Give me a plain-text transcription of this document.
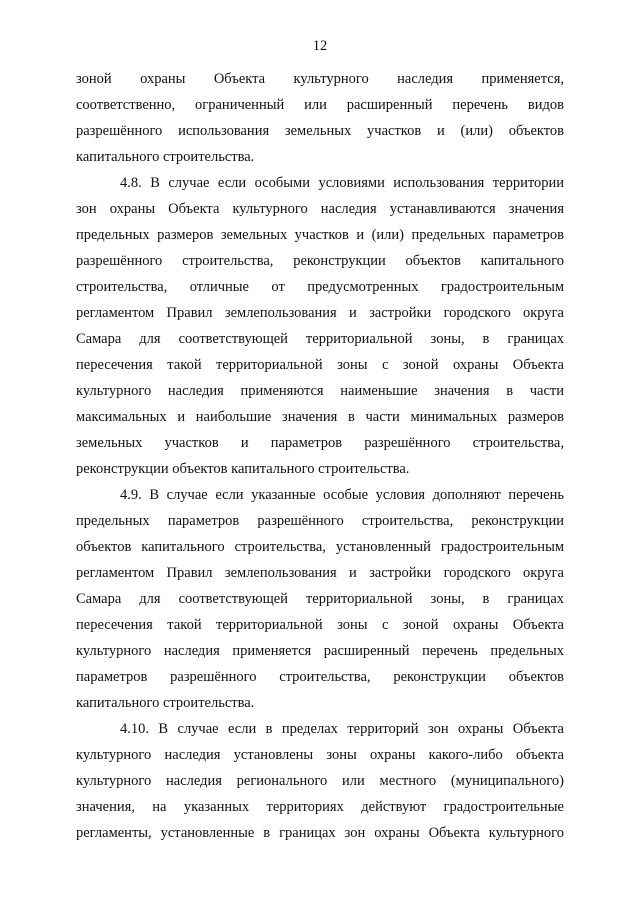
12
зоной охраны Объекта культурного наследия применяется,
соответственно, ограниченный или расширенный перечень видов
разрешённого использования земельных участков и (или) объектов
капитального строительства.
4.8. В случае если особыми условиями использования территории
зон охраны Объекта культурного наследия устанавливаются значения
предельных размеров земельных участков и (или) предельных параметров
разрешённого строительства, реконструкции объектов капитального
строительства, отличные от предусмотренных градостроительным
регламентом Правил землепользования и застройки городского округа
Самара для соответствующей территориальной зоны, в границах
пересечения такой территориальной зоны с зоной охраны Объекта
культурного наследия применяются наименьшие значения в части
максимальных и наибольшие значения в части минимальных размеров
земельных участков и параметров разрешённого строительства,
реконструкции объектов капитального строительства.
4.9. В случае если указанные особые условия дополняют перечень
предельных параметров разрешённого строительства, реконструкции
объектов капитального строительства, установленный градостроительным
регламентом Правил землепользования и застройки городского округа
Самара для соответствующей территориальной зоны, в границах
пересечения такой территориальной зоны с зоной охраны Объекта
культурного наследия применяется расширенный перечень предельных
параметров разрешённого строительства, реконструкции объектов
капитального строительства.
4.10. В случае если в пределах территорий зон охраны Объекта
культурного наследия установлены зоны охраны какого-либо объекта
культурного наследия регионального или местного (муниципального)
значения, на указанных территориях действуют градостроительные
регламенты, установленные в границах зон охраны Объекта культурного
